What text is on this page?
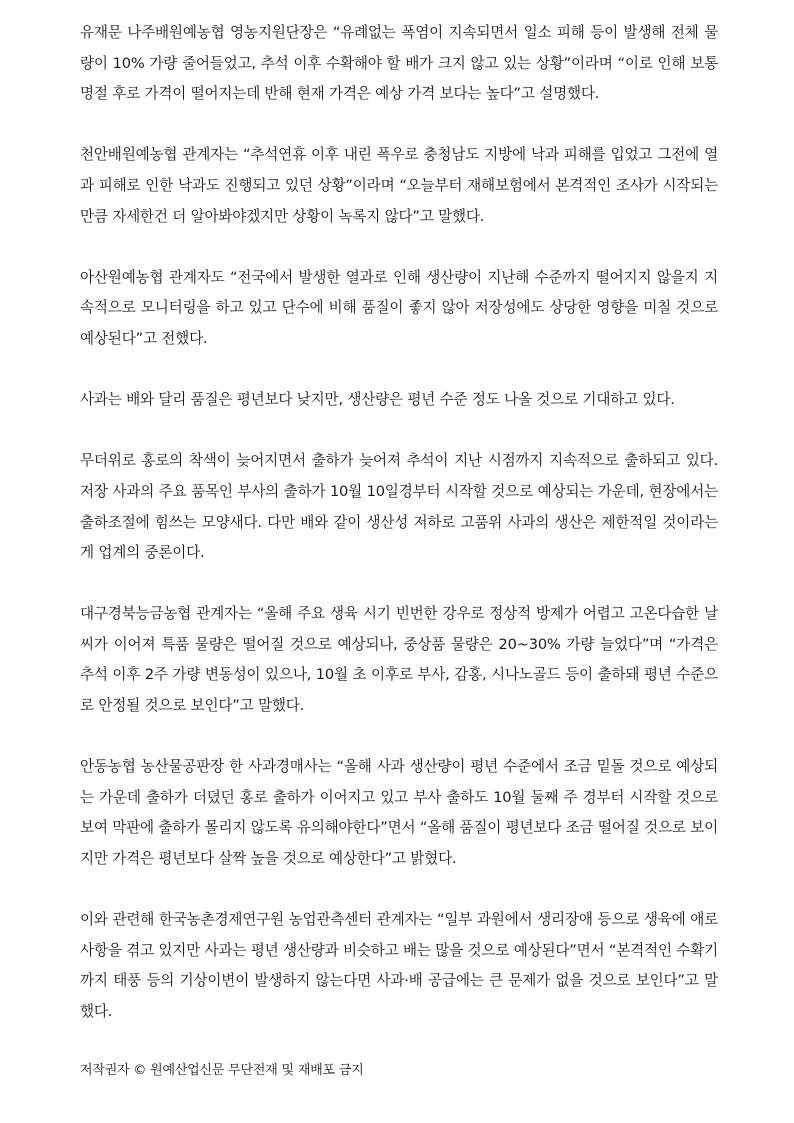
유재문 나주배원예농협 영농지원단장은 “유례없는 폭염이 지속되면서 일소 피해 등이 발생해 전체 물량이 10% 가량 줄어들었고, 추석 이후 수확해야 할 배가 크지 않고 있는 상황”이라며 “이로 인해 보통 명절 후로 가격이 떨어지는데 반해 현재 가격은 예상 가격 보다는 높다”고 설명했다.

천안배원예농협 관계자는 “추석연휴 이후 내린 폭우로 충청남도 지방에 낙과 피해를 입었고 그전에 열과 피해로 인한 낙과도 진행되고 있던 상황”이라며 “오늘부터 재해보험에서 본격적인 조사가 시작되는 만큼 자세한건 더 알아봐야겠지만 상황이 녹록지 않다”고 말했다.

아산원예농협 관계자도 “전국에서 발생한 열과로 인해 생산량이 지난해 수준까지 떨어지지 않을지 지속적으로 모니터링을 하고 있고 단수에 비해 품질이 좋지 않아 저장성에도 상당한 영향을 미칠 것으로 예상된다”고 전했다.

사과는 배와 달리 품질은 평년보다 낮지만, 생산량은 평년 수준 정도 나올 것으로 기대하고 있다.

무더위로 홍로의 착색이 늦어지면서 출하가 늦어져 추석이 지난 시점까지 지속적으로 출하되고 있다. 저장 사과의 주요 품목인 부사의 출하가 10월 10일경부터 시작할 것으로 예상되는 가운데, 현장에서는 출하조절에 힘쓰는 모양새다. 다만 배와 같이 생산성 저하로 고품위 사과의 생산은 제한적일 것이라는 게 업계의 중론이다.

대구경북능금농협 관계자는 “올해 주요 생육 시기 빈번한 강우로 정상적 방제가 어렵고 고온다습한 날씨가 이어져 특품 물량은 떨어질 것으로 예상되나, 중상품 물량은 20~30% 가량 늘었다”며 “가격은 추석 이후 2주 가량 변동성이 있으나, 10월 초 이후로 부사, 감홍, 시나노골드 등이 출하돼 평년 수준으로 안정될 것으로 보인다”고 말했다.

안동농협 농산물공판장 한 사과경매사는 “올해 사과 생산량이 평년 수준에서 조금 밑돌 것으로 예상되는 가운데 출하가 더뎠던 홍로 출하가 이어지고 있고 부사 출하도 10월 둘째 주 경부터 시작할 것으로 보여 막판에 출하가 몰리지 않도록 유의해야한다”면서 “올해 품질이 평년보다 조금 떨어질 것으로 보이지만 가격은 평년보다 살짝 높을 것으로 예상한다”고 밝혔다.

이와 관련해 한국농촌경제연구원 농업관측센터 관계자는 “일부 과원에서 생리장애 등으로 생육에 애로사항을 겪고 있지만 사과는 평년 생산량과 비슷하고 배는 많을 것으로 예상된다”면서 “본격적인 수확기까지 태풍 등의 기상이변이 발생하지 않는다면 사과·배 공급에는 큰 문제가 없을 것으로 보인다”고 말했다.

저작권자 © 원예산업신문 무단전재 및 재배포 금지
